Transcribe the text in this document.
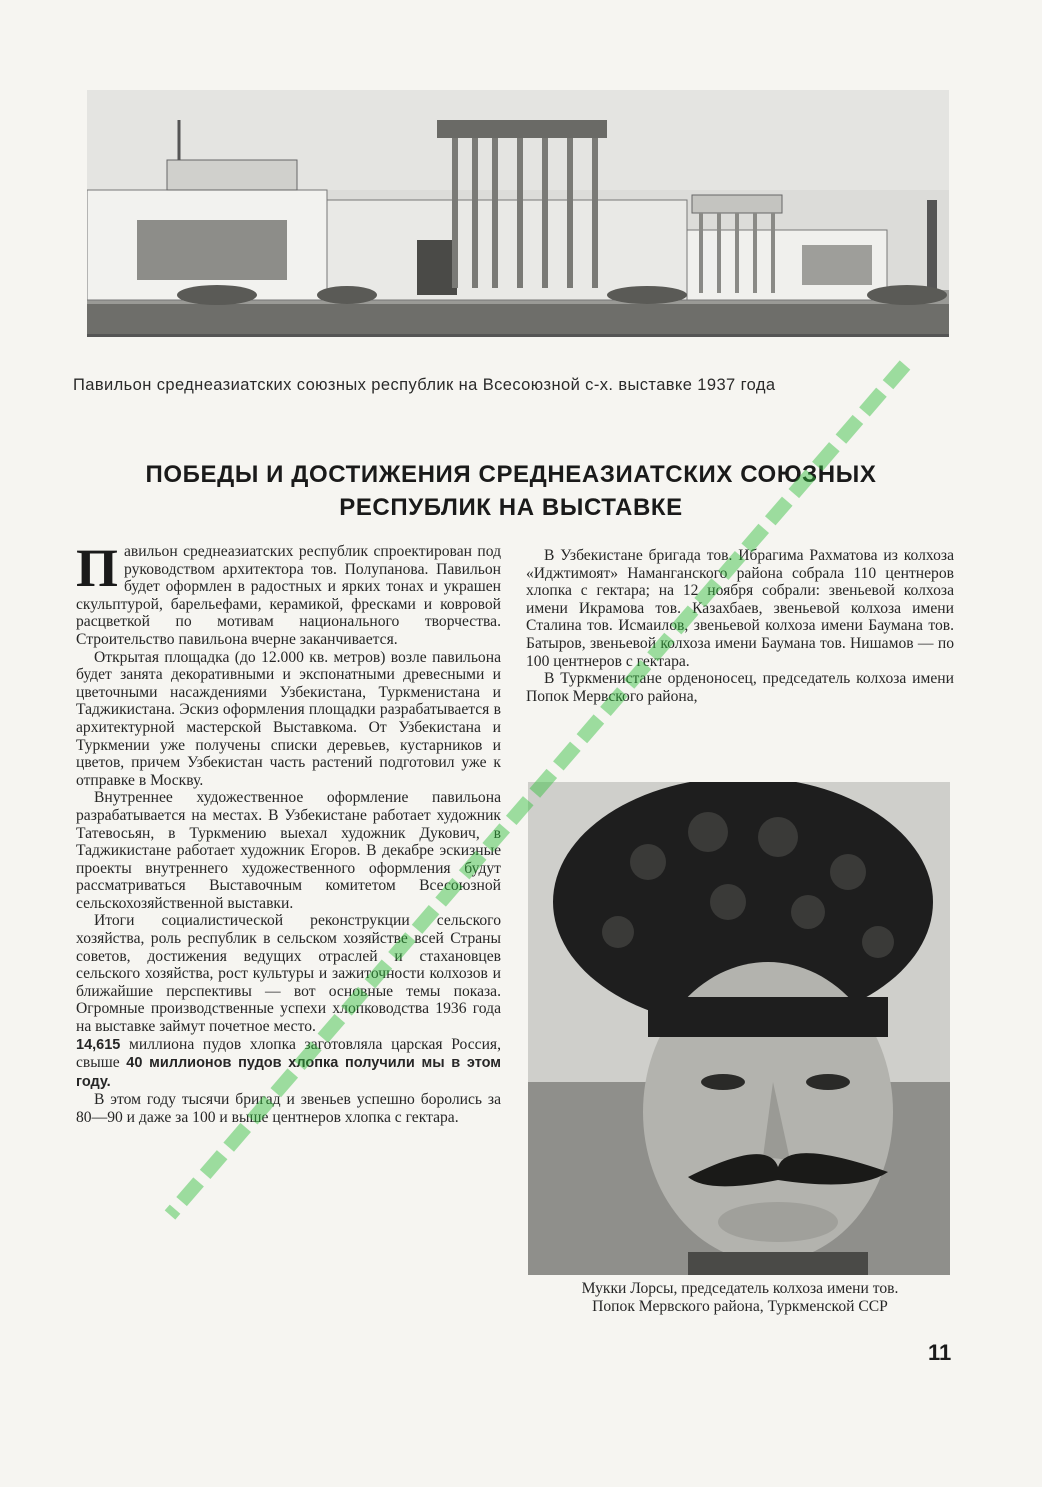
Павильон среднеазиатских союзных республик на Всесоюзной с-х. выставке 1937 года
ПОБЕДЫ И ДОСТИЖЕНИЯ СРЕДНЕАЗИАТСКИХ СОЮЗНЫХ
РЕСПУБЛИК НА ВЫСТАВКЕ

Павильон среднеазиатских республик спроектирован под руководством архитектора тов. Полупанова. Павильон будет оформлен в радостных и ярких тонах и украшен скульптурой, барельефами, керамикой, фресками и ковровой расцветкой по мотивам национального творчества. Строительство павильона вчерне заканчивается.

Открытая площадка (до 12.000 кв. метров) возле павильона будет занята декоративными и экспонатными древесными и цветочными насаждениями Узбекистана, Туркменистана и Таджикистана. Эскиз оформления площадки разрабатывается в архитектурной мастерской Выставкома. От Узбекистана и Туркмении уже получены списки деревьев, кустарников и цветов, причем Узбекистан часть растений подготовил уже к отправке в Москву.

Внутреннее художественное оформление павильона разрабатывается на местах. В Узбекистане работает художник Татевосьян, в Туркмению выехал художник Дукович, в Таджикистане работает художник Егоров. В декабре эскизные проекты внутреннего художественного оформления будут рассматриваться Выставочным комитетом Всесоюзной сельскохозяйственной выставки.

Итоги социалистической реконструкции сельского хозяйства, роль республик в сельском хозяйстве всей Страны советов, достижения ведущих отраслей и стахановцев сельского хозяйства, рост культуры и зажиточности колхозов и ближайшие перспективы — вот основные темы показа. Огромные производственные успехи хлопководства 1936 года на выставке займут почетное место.

14,615 миллиона пудов хлопка заготовляла царская Россия, свыше 40 миллионов пудов хлопка получили мы в этом году.

В этом году тысячи бригад и звеньев успешно боролись за 80—90 и даже за 100 и выше центнеров хлопка с гектара.

В Узбекистане бригада тов. Ибрагима Рахматова из колхоза «Иджтимоят» Наманганского района собрала 110 центнеров хлопка с гектара; на 12 ноября собрали: звеньевой колхоза имени Икрамова тов. Казахбаев, звеньевой колхоза имени Сталина тов. Исмаилов, звеньевой колхоза имени Баумана тов. Батыров, звеньевой колхоза имени Баумана тов. Нишамов — по 100 центнеров с гектара.

В Туркменистане орденоносец, председатель колхоза имени Попок Мервского района,

Мукки Лорсы, председатель колхоза имени тов.
Попок Мервского района, Туркменской ССР
11
